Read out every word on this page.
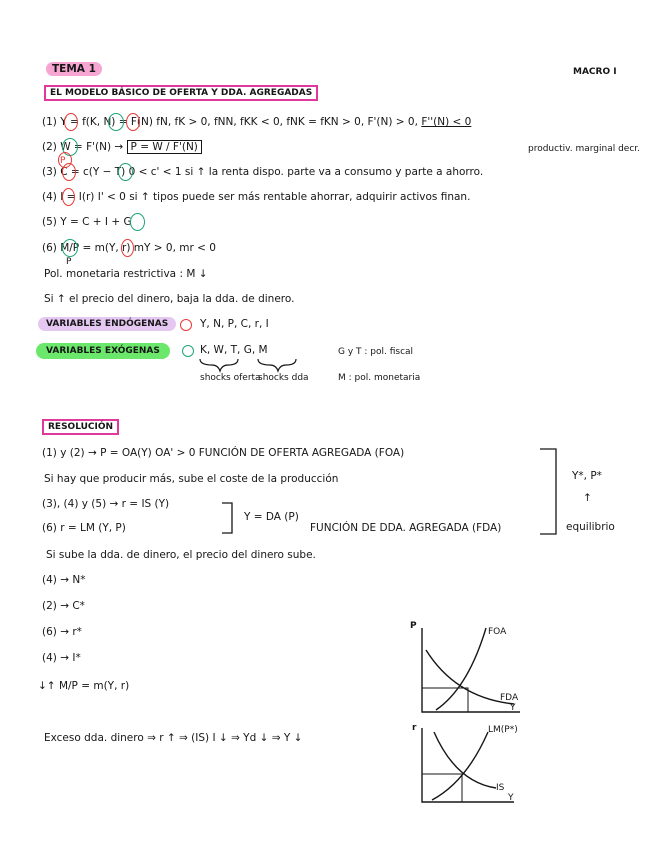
TEMA 1	MACRO I
EL MODELO BÁSICO DE OFERTA Y DDA. AGREGADAS
(1) Y = f(K, N) = F(N) fN, fK > 0, fNN, fKK < 0, fNK = fKN > 0, F'(N) > 0, F''(N) < 0
productiv. marginal decr.
(2) W = F'(N) → P = W / F'(N)
P
(3) C = c(Y − T) 0 < c' < 1 si ↑ la renta dispo. parte va a consumo y parte a ahorro.
(4) I = I(r) I' < 0 si ↑ tipos puede ser más rentable ahorrar, adquirir activos finan.
(5) Y = C + I + G
(6) M/P = m(Y, r) mY > 0, mr < 0
P
Pol. monetaria restrictiva : M ↓
Si ↑ el precio del dinero, baja la dda. de dinero.
VARIABLES ENDÓGENAS	Y, N, P, C, r, I
VARIABLES EXÓGENAS	K, W, T, G, M
shocks oferta
shocks dda
G y T : pol. fiscal
M : pol. monetaria
RESOLUCIÓN
(1) y (2) → P = OA(Y) OA' > 0 FUNCIÓN DE OFERTA AGREGADA (FOA)
Si hay que producir más, sube el coste de la producción
(3), (4) y (5) → r = IS (Y)
(6) r = LM (Y, P)
Y = DA (P)
FUNCIÓN DE DDA. AGREGADA (FDA)
Y*, P*
↑
equilibrio
Si sube la dda. de dinero, el precio del dinero sube.
(4) → N*
(2) → C*
(6) → r*
(4) → I*
↓↑ M/P = m(Y, r)
Exceso dda. dinero ⇒ r ↑ ⇒ (IS) I ↓ ⇒ Yd ↓ ⇒ Y ↓
P
Y
FOA
FDA
r
Y
LM(P*)
IS
